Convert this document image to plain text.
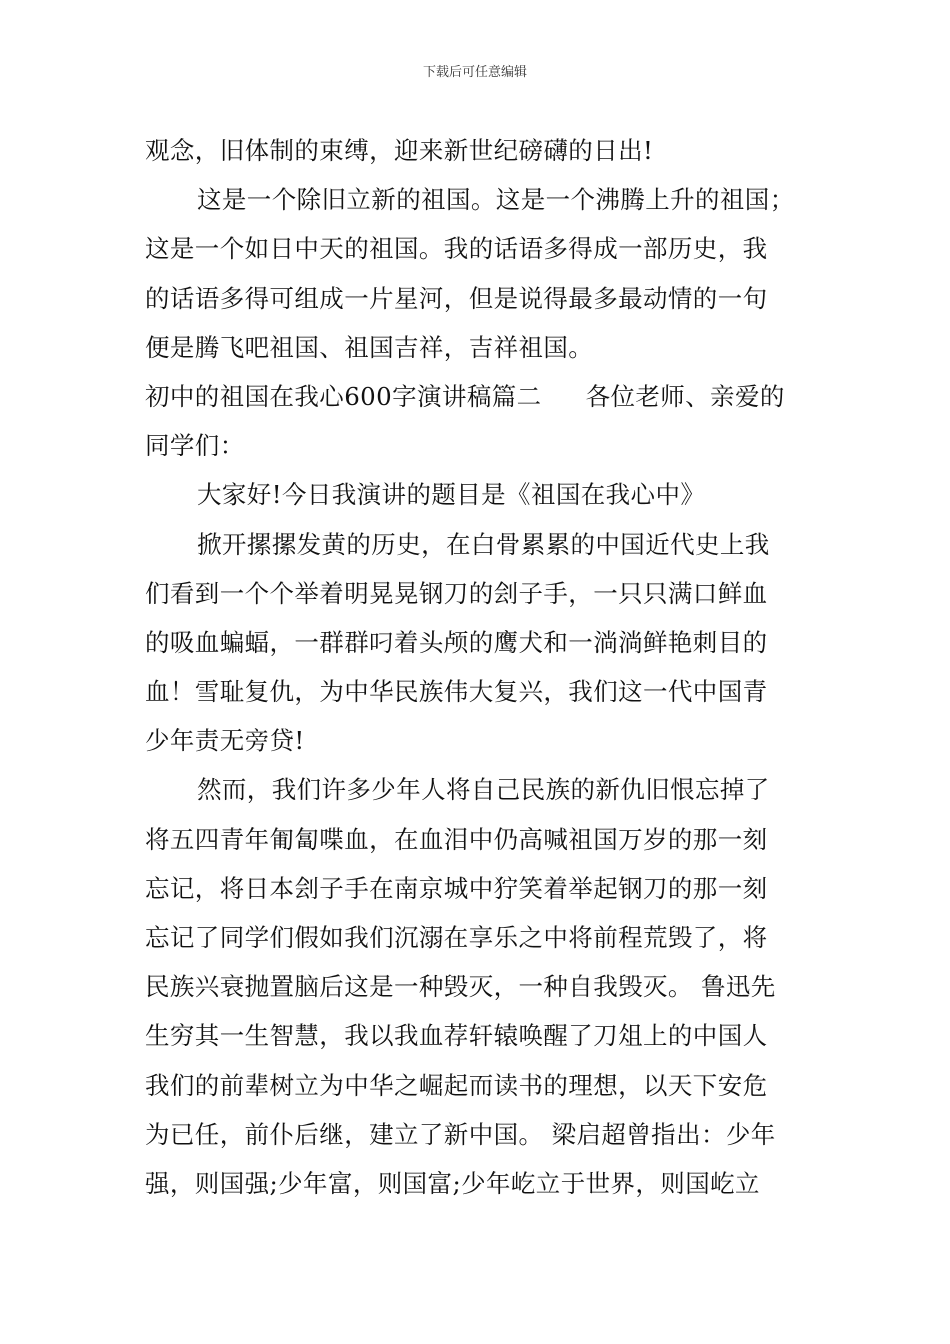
下载后可任意编辑
观念，旧体制的束缚，迎来新世纪磅礴的日出!
这是一个除旧立新的祖国。这是一个沸腾上升的祖国；
这是一个如日中天的祖国。我的话语多得成一部历史，我
的话语多得可组成一片星河，但是说得最多最动情的一句
便是腾飞吧祖国、祖国吉祥，吉祥祖国。
初中的祖国在我心600字演讲稿篇二 各位老师、亲爱的
同学们：
大家好!今日我演讲的题目是《祖国在我心中》
掀开摞摞发黄的历史，在白骨累累的中国近代史上我
们看到一个个举着明晃晃钢刀的刽子手，一只只满口鲜血
的吸血蝙蝠，一群群叼着头颅的鹰犬和一淌淌鲜艳刺目的
血！雪耻复仇，为中华民族伟大复兴，我们这一代中国青
少年责无旁贷!
然而，我们许多少年人将自己民族的新仇旧恨忘掉了
将五四青年匍匐喋血，在血泪中仍高喊祖国万岁的那一刻
忘记，将日本刽子手在南京城中狞笑着举起钢刀的那一刻
忘记了同学们假如我们沉溺在享乐之中将前程荒毁了，将
民族兴衰抛置脑后这是一种毁灭，一种自我毁灭。 鲁迅先
生穷其一生智慧，我以我血荐轩辕唤醒了刀俎上的中国人
我们的前辈树立为中华之崛起而读书的理想，以天下安危
为已任，前仆后继，建立了新中国。 梁启超曾指出：少年
强，则国强;少年富，则国富;少年屹立于世界，则国屹立
